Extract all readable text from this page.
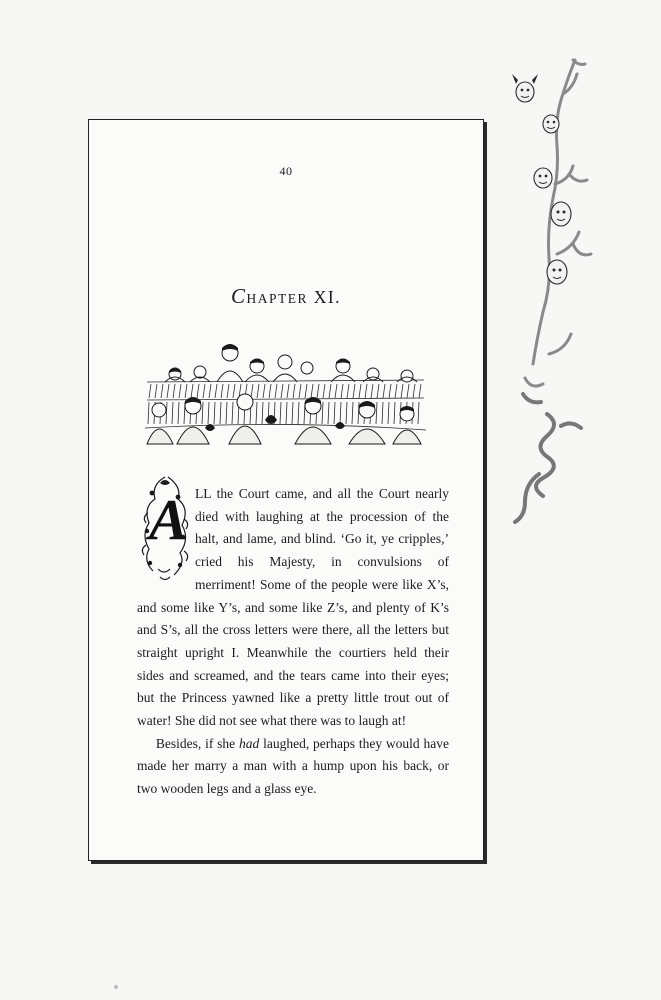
40
CHAPTER XI.
A LL the Court came, and all the Court nearly died with laughing at the procession of the halt, and lame, and blind. ‘Go it, ye cripples,’ cried his Majesty, in convulsions of merriment! Some of the people were like X’s, and some like Y’s, and some like Z’s, and plenty of K’s and S’s, all the cross letters were there, all the letters but straight upright I. Meanwhile the courtiers held their sides and screamed, and the tears came into their eyes; but the Princess yawned like a pretty little trout out of water! She did not see what there was to laugh at!

Besides, if she had laughed, perhaps they would have made her marry a man with a hump upon his back, or two wooden legs and a glass eye.
